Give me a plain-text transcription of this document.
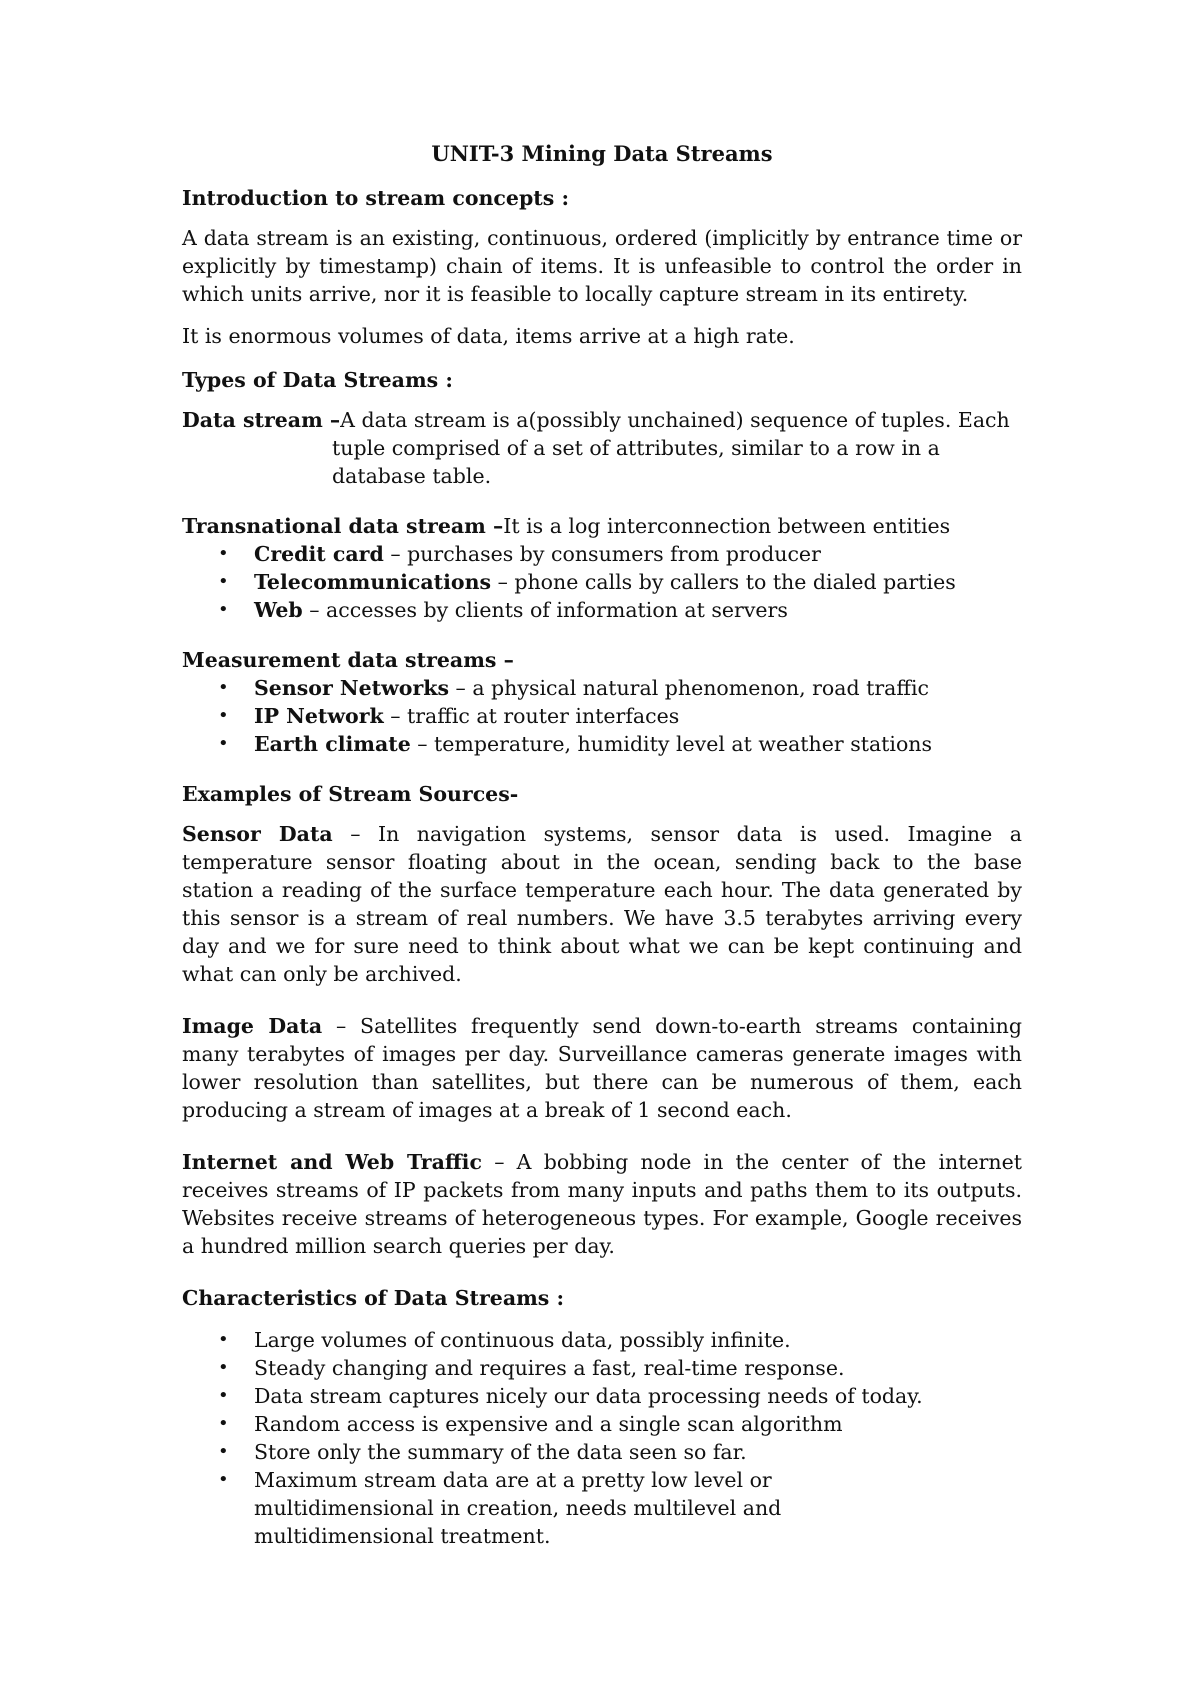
UNIT-3 Mining Data Streams
Introduction to stream concepts :

A data stream is an existing, continuous, ordered (implicitly by entrance time or explicitly by timestamp) chain of items. It is unfeasible to control the order in which units arrive, nor it is feasible to locally capture stream in its entirety.

It is enormous volumes of data, items arrive at a high rate.

Types of Data Streams :

Data stream –A data stream is a(possibly unchained) sequence of tuples. Each tuple comprised of a set of attributes, similar to a row in a database table.

Transnational data stream –It is a log interconnection between entities

• Credit card – purchases by consumers from producer
• Telecommunications – phone calls by callers to the dialed parties
• Web – accesses by clients of information at servers

Measurement data streams –

• Sensor Networks – a physical natural phenomenon, road traffic
• IP Network – traffic at router interfaces
• Earth climate – temperature, humidity level at weather stations
Examples of Stream Sources-

Sensor Data – In navigation systems, sensor data is used. Imagine a temperature sensor floating about in the ocean, sending back to the base station a reading of the surface temperature each hour. The data generated by this sensor is a stream of real numbers. We have 3.5 terabytes arriving every day and we for sure need to think about what we can be kept continuing and what can only be archived.

Image Data – Satellites frequently send down-to-earth streams containing many terabytes of images per day. Surveillance cameras generate images with lower resolution than satellites, but there can be numerous of them, each producing a stream of images at a break of 1 second each.

Internet and Web Traffic – A bobbing node in the center of the internet receives streams of IP packets from many inputs and paths them to its outputs. Websites receive streams of heterogeneous types. For example, Google receives a hundred million search queries per day.

Characteristics of Data Streams :
• Large volumes of continuous data, possibly infinite.
• Steady changing and requires a fast, real-time response.
• Data stream captures nicely our data processing needs of today.
• Random access is expensive and a single scan algorithm
• Store only the summary of the data seen so far.
• Maximum stream data are at a pretty low level or multidimensional in creation, needs multilevel and multidimensional treatment.
